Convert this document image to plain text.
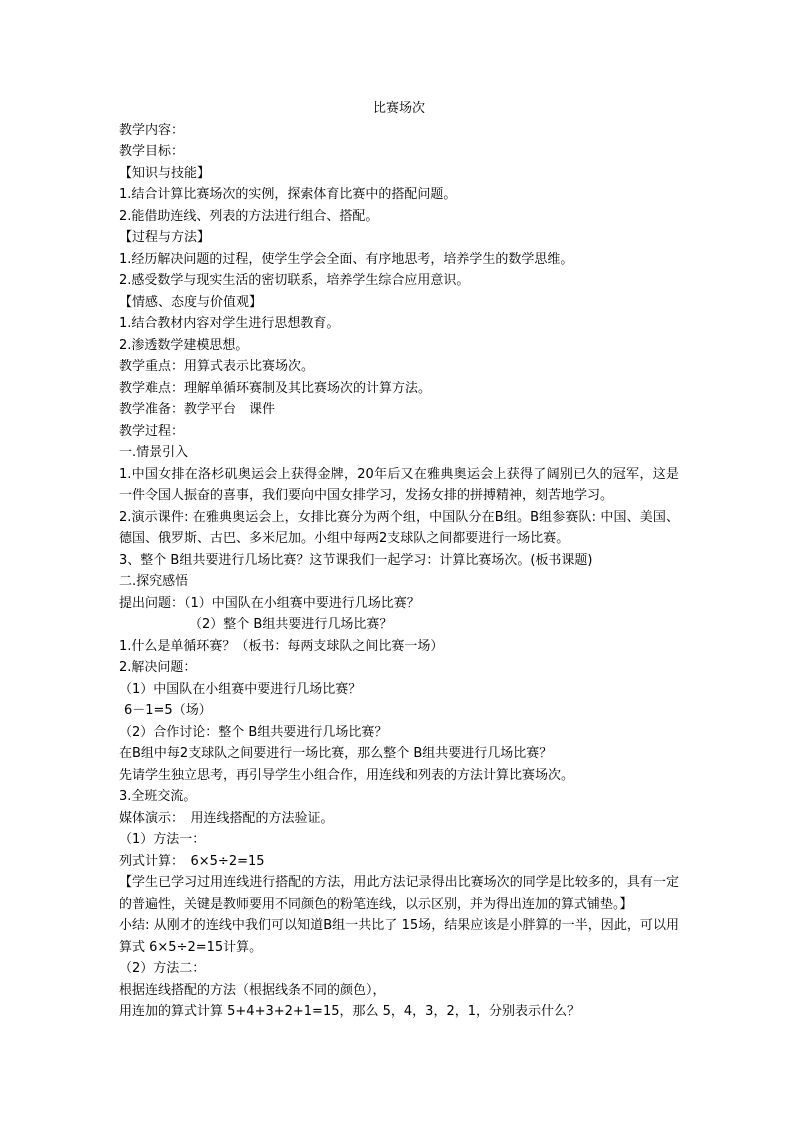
比赛场次

教学内容：

教学目标：

【知识与技能】

1.结合计算比赛场次的实例，探索体育比赛中的搭配问题。

2.能借助连线、列表的方法进行组合、搭配。

【过程与方法】

1.经历解决问题的过程，使学生学会全面、有序地思考，培养学生的数学思维。

2.感受数学与现实生活的密切联系，培养学生综合应用意识。

【情感、态度与价值观】

1.结合教材内容对学生进行思想教育。

2.渗透数学建模思想。

教学重点：用算式表示比赛场次。

教学难点：理解单循环赛制及其比赛场次的计算方法。

教学准备：教学平台　课件

教学过程：

一.情景引入

1.中国女排在洛杉矶奥运会上获得金牌，20年后又在雅典奥运会上获得了阔别已久的冠军，这是一件令国人振奋的喜事，我们要向中国女排学习，发扬女排的拼搏精神，刻苦地学习。

2.演示课件: 在雅典奥运会上，女排比赛分为两个组，中国队分在B组。B组参赛队: 中国、美国、德国、俄罗斯、古巴、多米尼加。小组中每两2支球队之间都要进行一场比赛。

3、整个 B组共要进行几场比赛？这节课我们一起学习：计算比赛场次。(板书课题)

二.探究感悟

提出问题：（1）中国队在小组赛中要进行几场比赛？

（2）整个 B组共要进行几场比赛？

1.什么是单循环赛？（板书：每两支球队之间比赛一场）

2.解决问题：

（1）中国队在小组赛中要进行几场比赛？

6－1=5（场）

（2）合作讨论：整个 B组共要进行几场比赛？

在B组中每2支球队之间要进行一场比赛，那么整个 B组共要进行几场比赛？

先请学生独立思考，再引导学生小组合作，用连线和列表的方法计算比赛场次。

3.全班交流。

媒体演示：　用连线搭配的方法验证。

（1）方法一：

列式计算：　6×5÷2=15

【学生已学习过用连线进行搭配的方法，用此方法记录得出比赛场次的同学是比较多的，具有一定的普遍性，关键是教师要用不同颜色的粉笔连线，以示区别，并为得出连加的算式铺垫。】

小结: 从刚才的连线中我们可以知道B组一共比了 15场，结果应该是小胖算的一半，因此，可以用算式 6×5÷2=15计算。

（2）方法二：

根据连线搭配的方法（根据线条不同的颜色），

用连加的算式计算 5+4+3+2+1=15，那么 5，4，3，2，1，分别表示什么？
